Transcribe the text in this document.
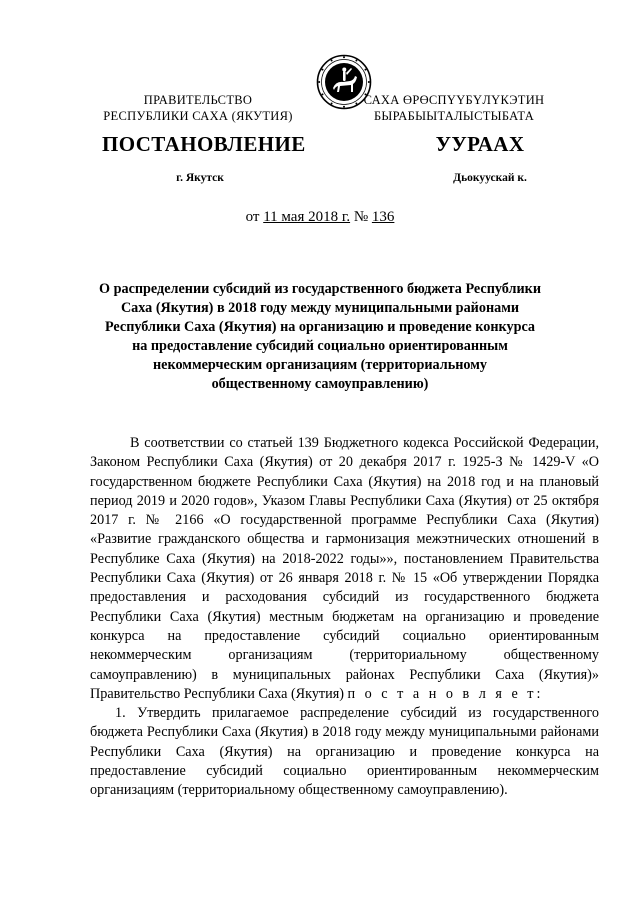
ПРАВИТЕЛЬСТВО
РЕСПУБЛИКИ САХА (ЯКУТИЯ)
САХА ӨРӨСПҮҮБҮЛҮКЭТИН
БЫРАБЫЫТАЛЫСТЫБАТА
ПОСТАНОВЛЕНИЕ	УУРААХ
г. Якутск	Дьокуускай к.
от 11 мая 2018 г. № 136
О распределении субсидий из государственного бюджета Республики
Саха (Якутия) в 2018 году между муниципальными районами
Республики Саха (Якутия) на организацию и проведение конкурса
на предоставление субсидий социально ориентированным
некоммерческим организациям (территориальному
общественному самоуправлению)

В соответствии со статьей 139 Бюджетного кодекса Российской Федерации, Законом Республики Саха (Якутия) от 20 декабря 2017 г. 1925-З № 1429-V «О государственном бюджете Республики Саха (Якутия) на 2018 год и на плановый период 2019 и 2020 годов», Указом Главы Республики Саха (Якутия) от 25 октября 2017 г. № 2166 «О государственной программе Республики Саха (Якутия) «Развитие гражданского общества и гармонизация межэтнических отношений в Республике Саха (Якутия) на 2018-2022 годы»», постановлением Правительства Республики Саха (Якутия) от 26 января 2018 г. № 15 «Об утверждении Порядка предоставления и расходования субсидий из государственного бюджета Республики Саха (Якутия) местным бюджетам на организацию и проведение конкурса на предоставление субсидий социально ориентированным некоммерческим организациям (территориальному общественному самоуправлению) в муниципальных районах Республики Саха (Якутия)» Правительство Республики Саха (Якутия) п о с т а н о в л я е т:

1. Утвердить прилагаемое распределение субсидий из государственного бюджета Республики Саха (Якутия) в 2018 году между муниципальными районами Республики Саха (Якутия) на организацию и проведение конкурса на предоставление субсидий социально ориентированным некоммерческим организациям (территориальному общественному самоуправлению).
